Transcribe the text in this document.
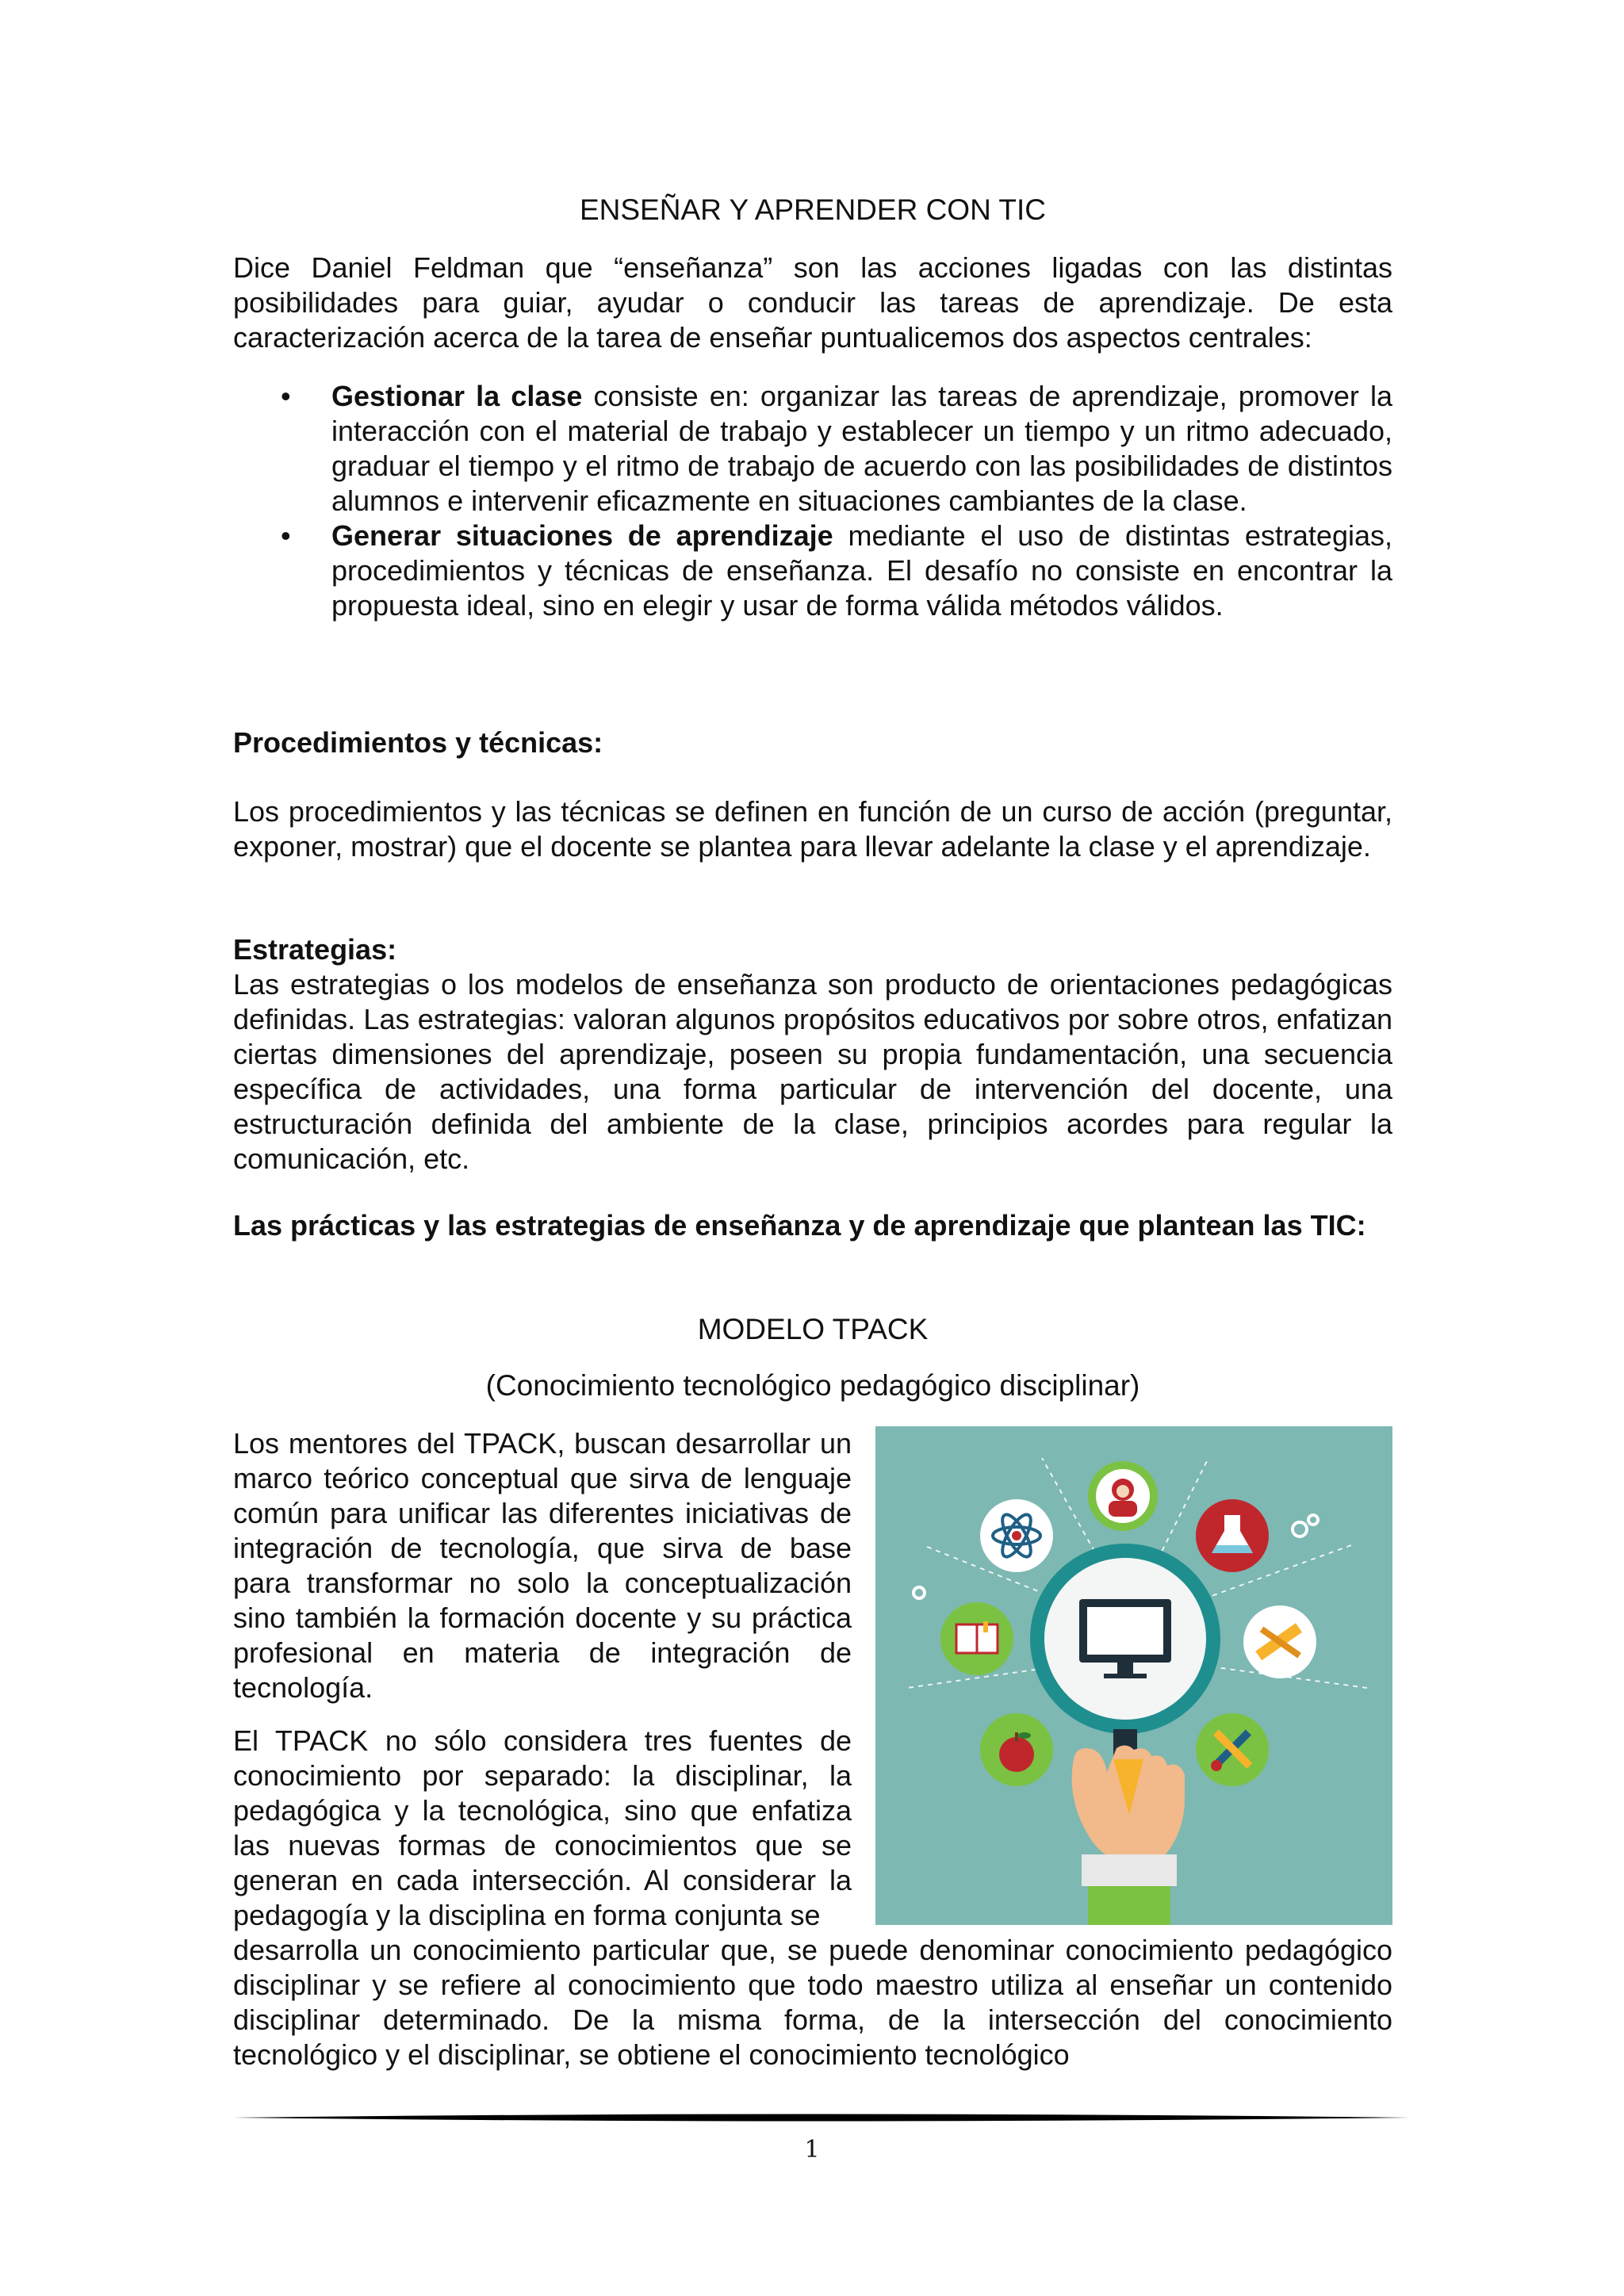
ENSEÑAR Y APRENDER CON TIC
Dice Daniel Feldman que “enseñanza” son las acciones ligadas con las distintas posibilidades para guiar, ayudar o conducir las tareas de aprendizaje. De esta caracterización acerca de la tarea de enseñar puntualicemos dos aspectos centrales:
• Gestionar la clase consiste en: organizar las tareas de aprendizaje, promover la interacción con el material de trabajo y establecer un tiempo y un ritmo adecuado, graduar el tiempo y el ritmo de trabajo de acuerdo con las posibilidades de distintos alumnos e intervenir eficazmente en situaciones cambiantes de la clase.
• Generar situaciones de aprendizaje mediante el uso de distintas estrategias, procedimientos y técnicas de enseñanza. El desafío no consiste en encontrar la propuesta ideal, sino en elegir y usar de forma válida métodos válidos.
Procedimientos y técnicas:
Los procedimientos y las técnicas se definen en función de un curso de acción (preguntar, exponer, mostrar) que el docente se plantea para llevar adelante la clase y el aprendizaje.
Estrategias:
Las estrategias o los modelos de enseñanza son producto de orientaciones pedagógicas definidas. Las estrategias: valoran algunos propósitos educativos por sobre otros, enfatizan ciertas dimensiones del aprendizaje, poseen su propia fundamentación, una secuencia específica de actividades, una forma particular de intervención del docente, una estructuración definida del ambiente de la clase, principios acordes para regular la comunicación, etc.
Las prácticas y las estrategias de enseñanza y de aprendizaje que plantean las TIC:
MODELO TPACK
(Conocimiento tecnológico pedagógico disciplinar)
Los mentores del TPACK, buscan desarrollar un marco teórico conceptual que sirva de lenguaje común para unificar las diferentes iniciativas de integración de tecnología, que sirva de base para transformar no solo la conceptualización sino también la formación docente y su práctica profesional en materia de integración de tecnología.
El TPACK no sólo considera tres fuentes de conocimiento por separado: la disciplinar, la pedagógica y la tecnológica, sino que enfatiza las nuevas formas de conocimientos que se generan en cada intersección. Al considerar la pedagogía y la disciplina en forma conjunta se
desarrolla un conocimiento particular que, se puede denominar conocimiento pedagógico disciplinar y se refiere al conocimiento que todo maestro utiliza al enseñar un contenido disciplinar determinado. De la misma forma, de la intersección del conocimiento tecnológico y el disciplinar, se obtiene el conocimiento tecnológico
1
